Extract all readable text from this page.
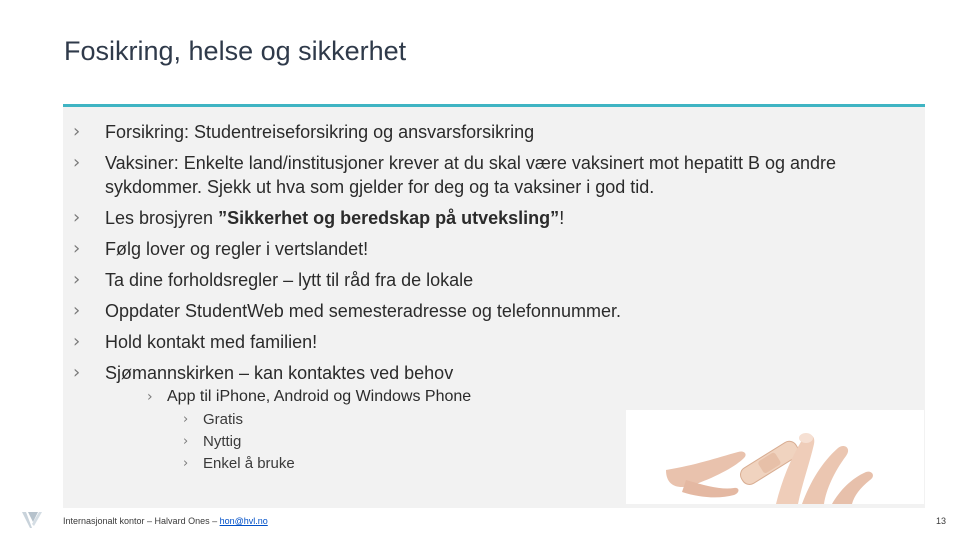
Fosikring, helse og sikkerhet
› Forsikring: Studentreiseforsikring og ansvarsforsikring
› Vaksiner: Enkelte land/institusjoner krever at du skal være vaksinert mot hepatitt B og andre sykdommer. Sjekk ut hva som gjelder for deg og ta vaksiner i god tid.
› Les brosjyren ”Sikkerhet og beredskap på utveksling”!
› Følg lover og regler i vertslandet!
› Ta dine forholdsregler – lytt til råd fra de lokale
› Oppdater StudentWeb med semesteradresse og telefonnummer.
› Hold kontakt med familien!
› Sjømannskirken – kan kontaktes ved behov
› App til iPhone, Android og Windows Phone
› Gratis
› Nyttig
› Enkel å bruke
Internasjonalt kontor – Halvard Ones – hon@hvl.no	13
